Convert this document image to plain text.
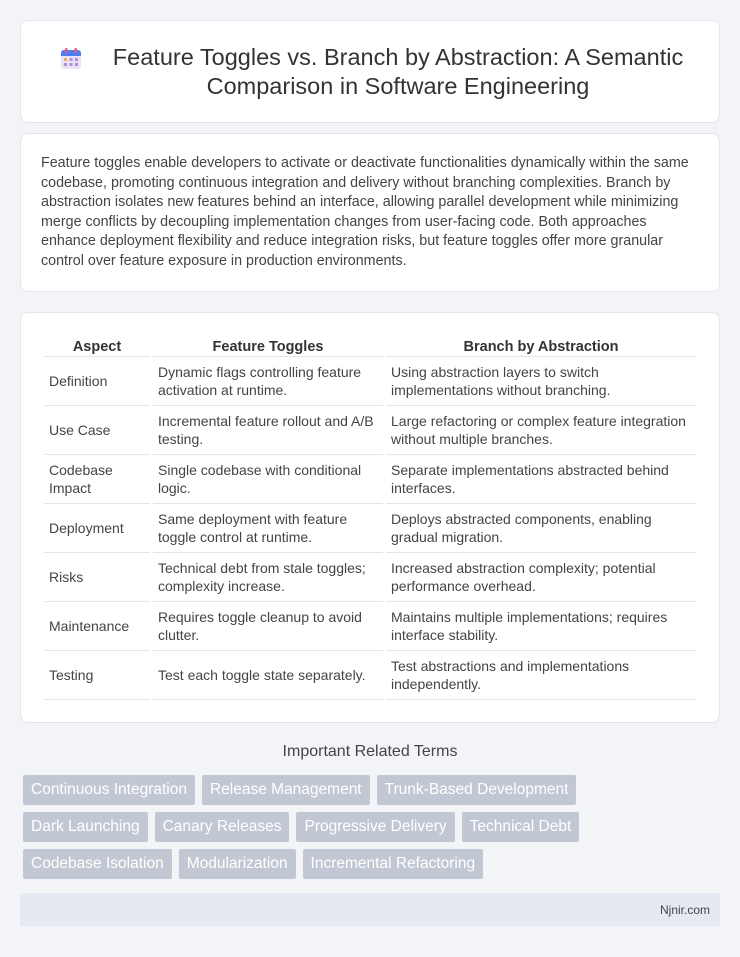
Feature Toggles vs. Branch by Abstraction: A Semantic Comparison in Software Engineering

Feature toggles enable developers to activate or deactivate functionalities dynamically within the same codebase, promoting continuous integration and delivery without branching complexities. Branch by abstraction isolates new features behind an interface, allowing parallel development while minimizing merge conflicts by decoupling implementation changes from user-facing code. Both approaches enhance deployment flexibility and reduce integration risks, but feature toggles offer more granular control over feature exposure in production environments.

Aspect	Feature Toggles	Branch by Abstraction
Definition	Dynamic flags controlling feature activation at runtime.	Using abstraction layers to switch implementations without branching.
Use Case	Incremental feature rollout and A/B testing.	Large refactoring or complex feature integration without multiple branches.
Codebase Impact	Single codebase with conditional logic.	Separate implementations abstracted behind interfaces.
Deployment	Same deployment with feature toggle control at runtime.	Deploys abstracted components, enabling gradual migration.
Risks	Technical debt from stale toggles; complexity increase.	Increased abstraction complexity; potential performance overhead.
Maintenance	Requires toggle cleanup to avoid clutter.	Maintains multiple implementations; requires interface stability.
Testing	Test each toggle state separately.	Test abstractions and implementations independently.
Important Related Terms
Continuous Integration	Release Management	Trunk-Based Development
Dark Launching	Canary Releases	Progressive Delivery	Technical Debt
Codebase Isolation	Modularization	Incremental Refactoring
Njnir.com
